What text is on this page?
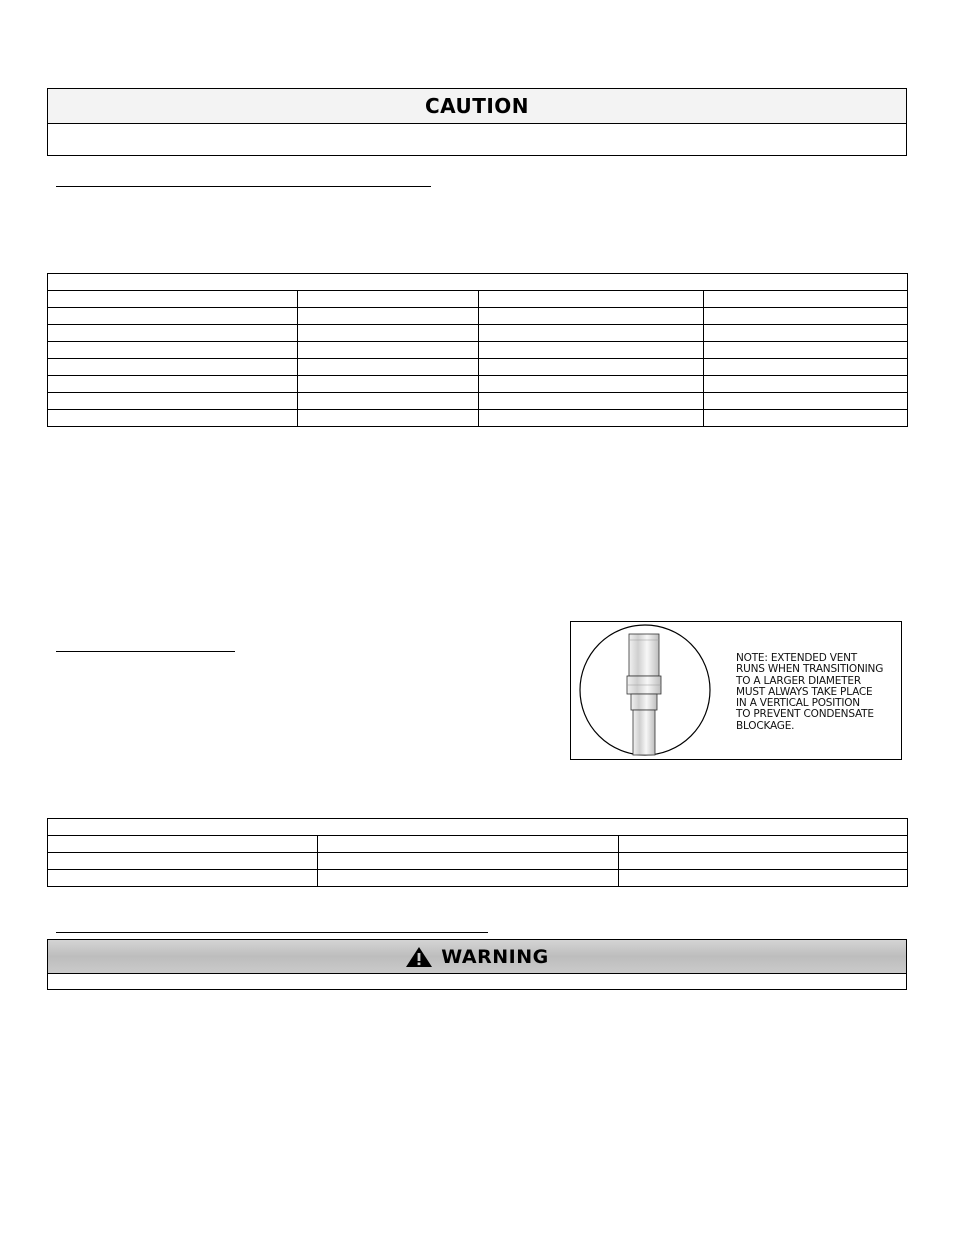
CAUTION

NOTE: EXTENDED VENT
RUNS WHEN TRANSITIONING
TO A LARGER DIAMETER
MUST ALWAYS TAKE PLACE
IN A VERTICAL POSITION
TO PREVENT CONDENSATE
BLOCKAGE.

WARNING
